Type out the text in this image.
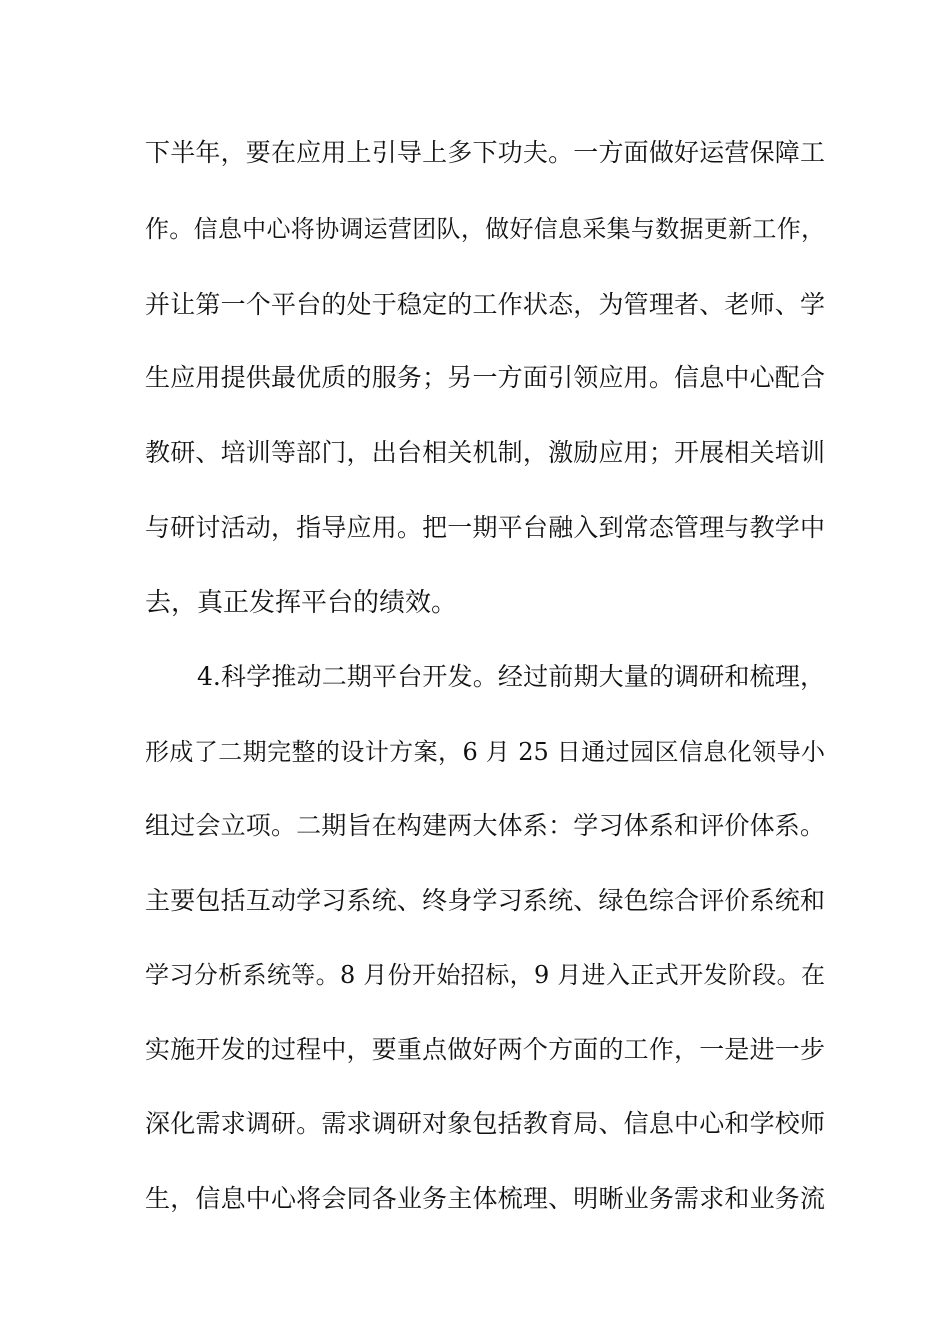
下半年，要在应用上引导上多下功夫。一方面做好运营保障工
作。信息中心将协调运营团队，做好信息采集与数据更新工作，
并让第一个平台的处于稳定的工作状态，为管理者、老师、学
生应用提供最优质的服务；另一方面引领应用。信息中心配合
教研、培训等部门，出台相关机制，激励应用；开展相关培训
与研讨活动，指导应用。把一期平台融入到常态管理与教学中
去，真正发挥平台的绩效。
4.科学推动二期平台开发。经过前期大量的调研和梳理，
形成了二期完整的设计方案，6 月 25 日通过园区信息化领导小
组过会立项。二期旨在构建两大体系：学习体系和评价体系。
主要包括互动学习系统、终身学习系统、绿色综合评价系统和
学习分析系统等。8 月份开始招标，9 月进入正式开发阶段。在
实施开发的过程中，要重点做好两个方面的工作，一是进一步
深化需求调研。需求调研对象包括教育局、信息中心和学校师
生，信息中心将会同各业务主体梳理、明晰业务需求和业务流
